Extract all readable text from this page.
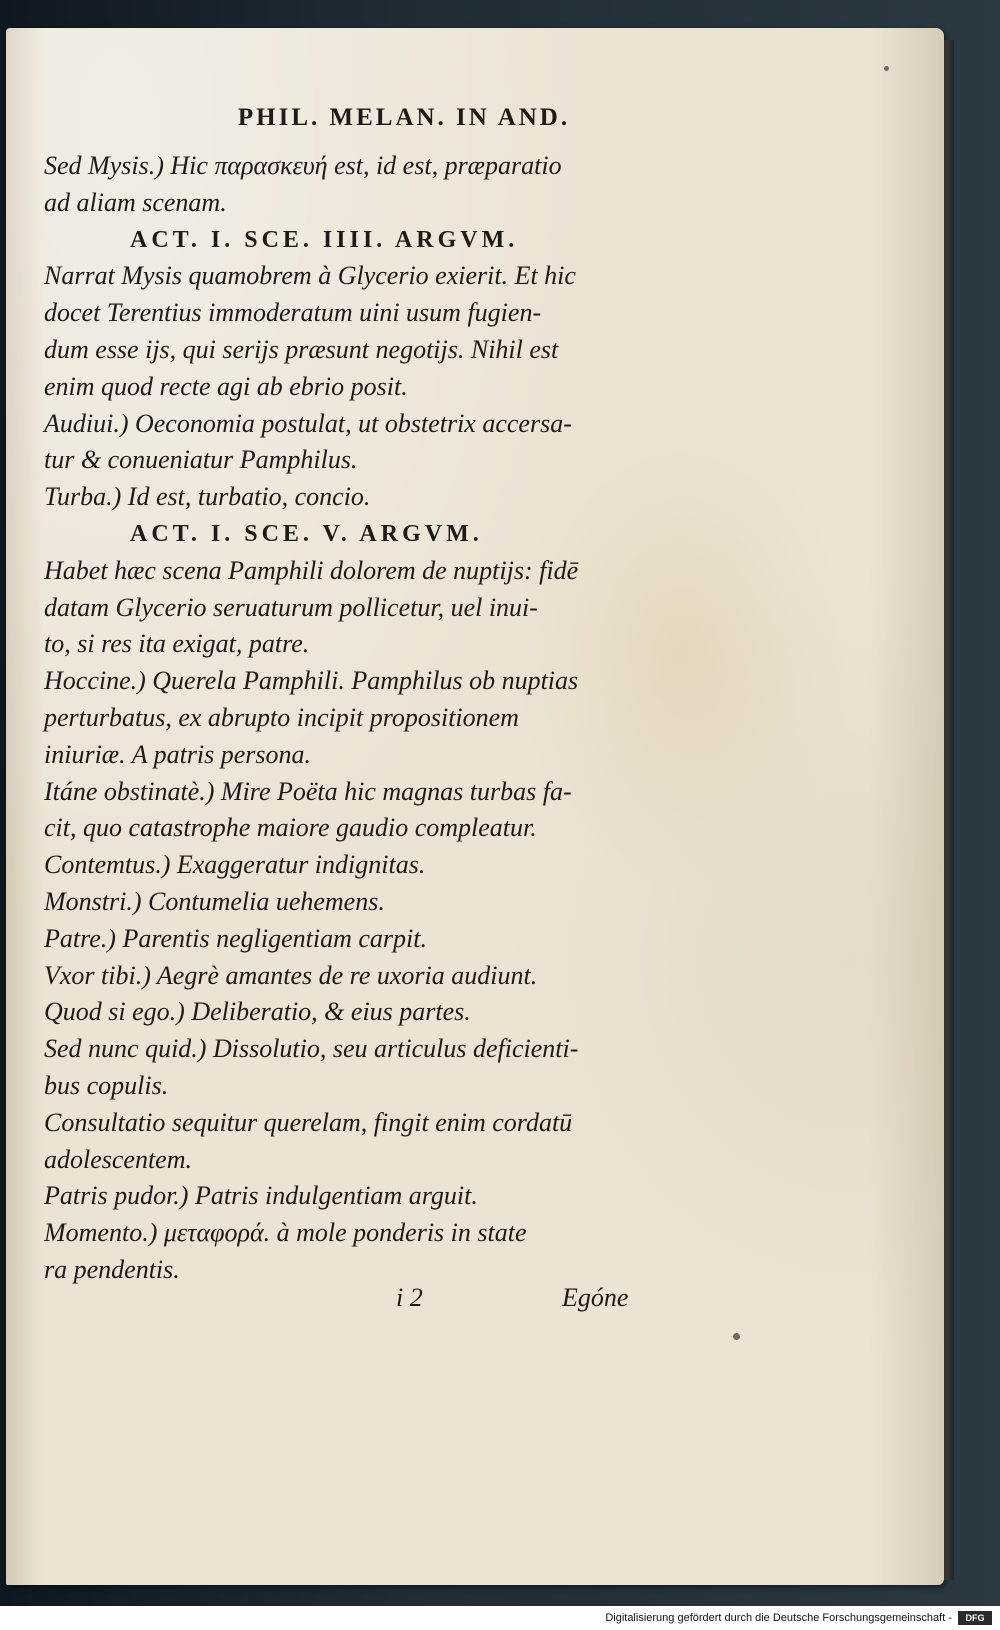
PHIL. MELAN. IN AND.
Sed Mysis.) Hic παρασκευή est, id est, præparatio
ad aliam scenam.
ACT. I. SCE. IIII. ARGVM.
Narrat Mysis quamobrem à Glycerio exierit. Et hic
docet Terentius immoderatum uini usum fugien-
dum esse ijs, qui serijs præsunt negotijs. Nihil est
enim quod recte agi ab ebrio posit.
Audiui.) Oeconomia postulat, ut obstetrix accersa-
tur & conueniatur Pamphilus.
Turba.) Id est, turbatio, concio.
ACT. I. SCE. V. ARGVM.
Habet hæc scena Pamphili dolorem de nuptijs: fidē
datam Glycerio seruaturum pollicetur, uel inui-
to, si res ita exigat, patre.
Hoccine.) Querela Pamphili. Pamphilus ob nuptias
perturbatus, ex abrupto incipit propositionem
iniuriæ. A patris persona.
Itáne obstinatè.) Mire Poëta hic magnas turbas fa-
cit, quo catastrophe maiore gaudio compleatur.
Contemtus.) Exaggeratur indignitas.
Monstri.) Contumelia uehemens.
Patre.) Parentis negligentiam carpit.
Vxor tibi.) Aegrè amantes de re uxoria audiunt.
Quod si ego.) Deliberatio, & eius partes.
Sed nunc quid.) Dissolutio, seu articulus deficienti-
bus copulis.
Consultatio sequitur querelam, fingit enim cordatū
adolescentem.
Patris pudor.) Patris indulgentiam arguit.
Momento.) μεταφορά. à mole ponderis in state
ra pendentis.
i 2	Egóne
Digitalisierung gefördert durch die Deutsche Forschungsgemeinschaft -	DFG
